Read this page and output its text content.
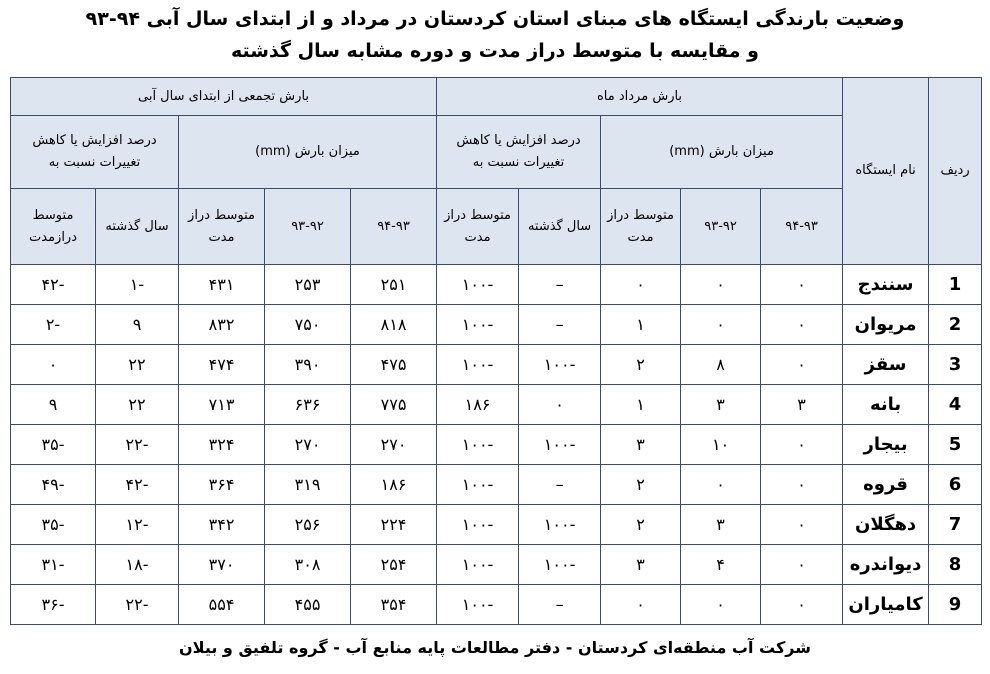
وضعیت بارندگی ایستگاه های مبنای استان کردستان در مرداد و از ابتدای سال آبی ۹۴-۹۳
و مقایسه با متوسط دراز مدت و دوره مشابه سال گذشته
ردیف	نام ایستگاه	بارش مرداد ماه					بارش تجمعی از ابتدای سال آبی				
		میزان بارش (mm)			درصد افزایش یا کاهش تغییرات نسبت به		میزان بارش (mm)			درصد افزایش یا کاهش تغییرات نسبت به	
		۹۴-۹۳	۹۳-۹۲	متوسط دراز مدت	سال گذشته	متوسط دراز مدت	۹۴-۹۳	۹۳-۹۲	متوسط دراز مدت	سال گذشته	متوسط درازمدت
1	سنندج	۰	۰	۰	–	-۱۰۰	۲۵۱	۲۵۳	۴۳۱	-۱	-۴۲
2	مریوان	۰	۰	۱	–	-۱۰۰	۸۱۸	۷۵۰	۸۳۲	۹	-۲
3	سقز	۰	۸	۲	-۱۰۰	-۱۰۰	۴۷۵	۳۹۰	۴۷۴	۲۲	۰
4	بانه	۳	۳	۱	۰	۱۸۶	۷۷۵	۶۳۶	۷۱۳	۲۲	۹
5	بیجار	۰	۱۰	۳	-۱۰۰	-۱۰۰	۲۷۰	۲۷۰	۳۲۴	-۲۲	-۳۵
6	قروه	۰	۰	۲	–	-۱۰۰	۱۸۶	۳۱۹	۳۶۴	-۴۲	-۴۹
7	دهگلان	۰	۳	۲	-۱۰۰	-۱۰۰	۲۲۴	۲۵۶	۳۴۲	-۱۲	-۳۵
8	دیواندره	۰	۴	۳	-۱۰۰	-۱۰۰	۲۵۴	۳۰۸	۳۷۰	-۱۸	-۳۱
9	کامیاران	۰	۰	۰	–	-۱۰۰	۳۵۴	۴۵۵	۵۵۴	-۲۲	-۳۶
شرکت آب منطقه‌ای کردستان - دفتر مطالعات پایه منابع آب - گروه تلفیق و بیلان
